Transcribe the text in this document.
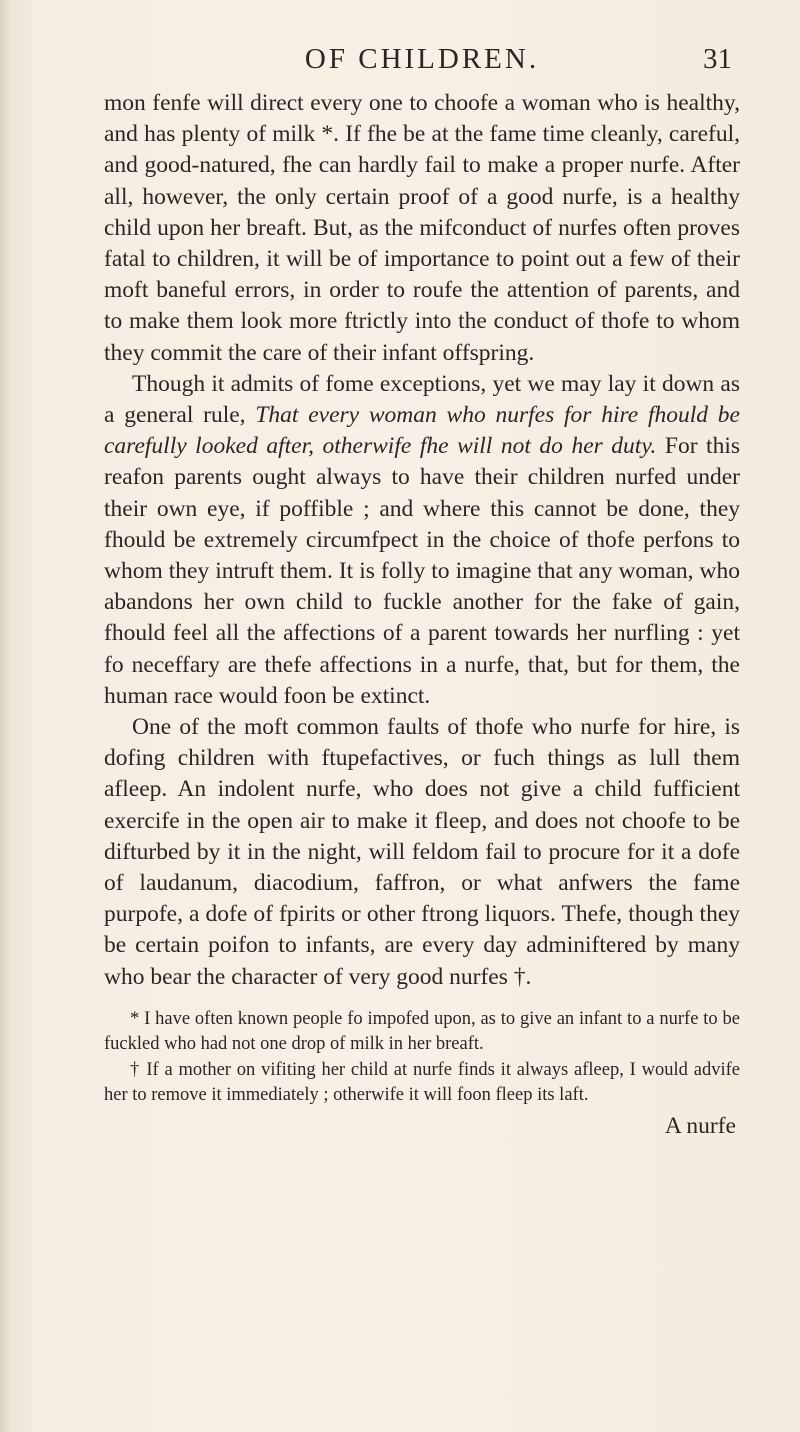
OF CHILDREN.	31

mon fenfe will direct every one to choofe a woman who is healthy, and has plenty of milk *. If fhe be at the fame time cleanly, careful, and good-natured, fhe can hardly fail to make a proper nurfe. After all, however, the only certain proof of a good nurfe, is a healthy child upon her breaft. But, as the mifconduct of nurfes often proves fatal to children, it will be of importance to point out a few of their moft baneful errors, in order to roufe the attention of parents, and to make them look more ftrictly into the conduct of thofe to whom they commit the care of their infant offspring.

Though it admits of fome exceptions, yet we may lay it down as a general rule, That every woman who nurfes for hire fhould be carefully looked after, otherwife fhe will not do her duty. For this reafon parents ought always to have their children nurfed under their own eye, if poffible ; and where this cannot be done, they fhould be extremely circumfpect in the choice of thofe perfons to whom they intruft them. It is folly to imagine that any woman, who abandons her own child to fuckle another for the fake of gain, fhould feel all the affections of a parent towards her nurfling : yet fo neceffary are thefe affections in a nurfe, that, but for them, the human race would foon be extinct.

One of the moft common faults of thofe who nurfe for hire, is dofing children with ftupefactives, or fuch things as lull them afleep. An indolent nurfe, who does not give a child fufficient exercife in the open air to make it fleep, and does not choofe to be difturbed by it in the night, will feldom fail to procure for it a dofe of laudanum, diacodium, faffron, or what anfwers the fame purpofe, a dofe of fpirits or other ftrong liquors. Thefe, though they be certain poifon to infants, are every day adminiftered by many who bear the character of very good nurfes †.

* I have often known people fo impofed upon, as to give an infant to a nurfe to be fuckled who had not one drop of milk in her breaft.

† If a mother on vifiting her child at nurfe finds it always afleep, I would advife her to remove it immediately ; otherwife it will foon fleep its laft.

A nurfe
